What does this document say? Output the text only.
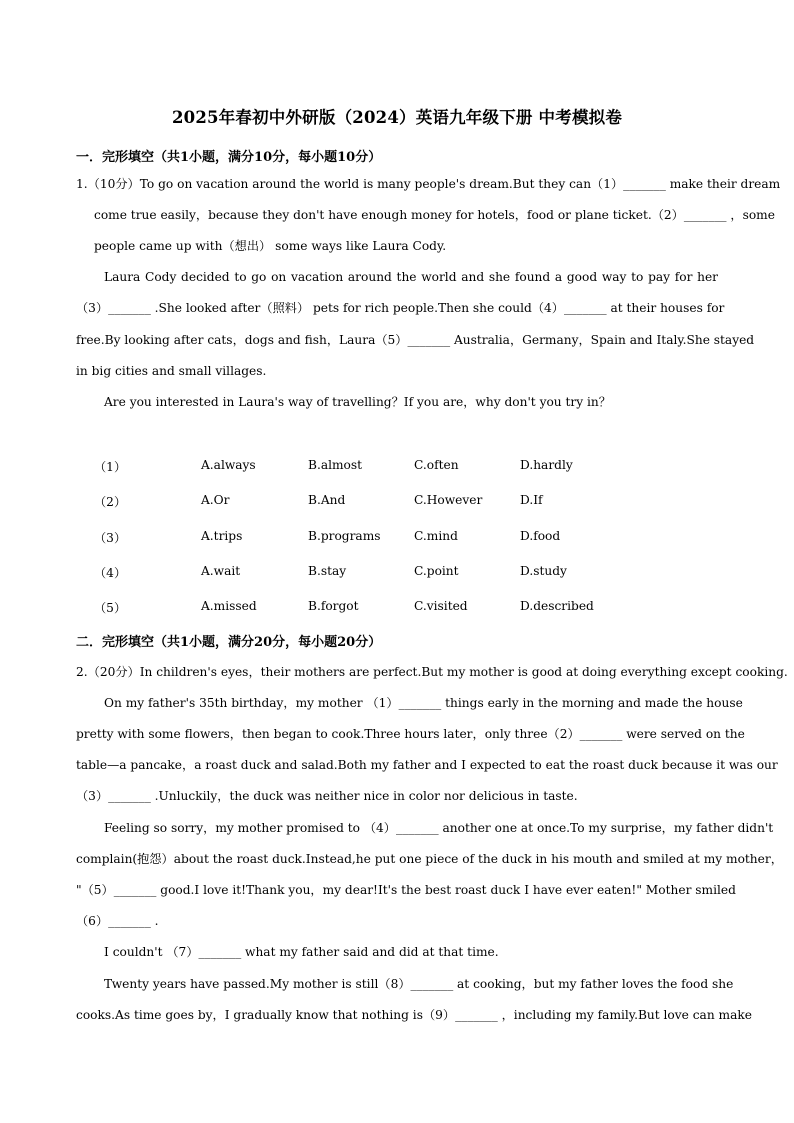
2025年春初中外研版（2024）英语九年级下册 中考模拟卷
一．完形填空（共1小题，满分10分，每小题10分）
1.（10分）To go on vacation around the world is many people's dream.But they can（1）_______ make their dream
come true easily，because they don't have enough money for hotels，food or plane ticket.（2）_______ ，some
people came up with（想出） some ways like Laura Cody.
Laura Cody decided to go on vacation around the world and she found a good way to pay for her
（3）_______ .She looked after（照料） pets for rich people.Then she could（4）_______ at their houses for
free.By looking after cats，dogs and fish，Laura（5）_______ Australia，Germany，Spain and Italy.She stayed
in big cities and small villages.
Are you interested in Laura's way of travelling？If you are，why don't you try in？
（1）	A.always	B.almost	C.often	D.hardly
（2）	A.Or	B.And	C.However	D.If
（3）	A.trips	B.programs	C.mind	D.food
（4）	A.wait	B.stay	C.point	D.study
（5）	A.missed	B.forgot	C.visited	D.described
二．完形填空（共1小题，满分20分，每小题20分）
2.（20分）In children's eyes，their mothers are perfect.But my mother is good at doing everything except cooking.
On my father's 35th birthday，my mother （1）_______ things early in the morning and made the house
pretty with some flowers，then began to cook.Three hours later，only three（2）_______ were served on the
table—a pancake，a roast duck and salad.Both my father and I expected to eat the roast duck because it was our
（3）_______ .Unluckily，the duck was neither nice in color nor delicious in taste.
Feeling so sorry，my mother promised to （4）_______ another one at once.To my surprise，my father didn't
complain(抱怨）about the roast duck.Instead,he put one piece of the duck in his mouth and smiled at my mother，
"（5）_______ good.I love it!Thank you，my dear!It's the best roast duck I have ever eaten!" Mother smiled
（6）_______ .
I couldn't （7）_______ what my father said and did at that time.
Twenty years have passed.My mother is still（8）_______ at cooking，but my father loves the food she
cooks.As time goes by，I gradually know that nothing is（9）_______ ，including my family.But love can make
